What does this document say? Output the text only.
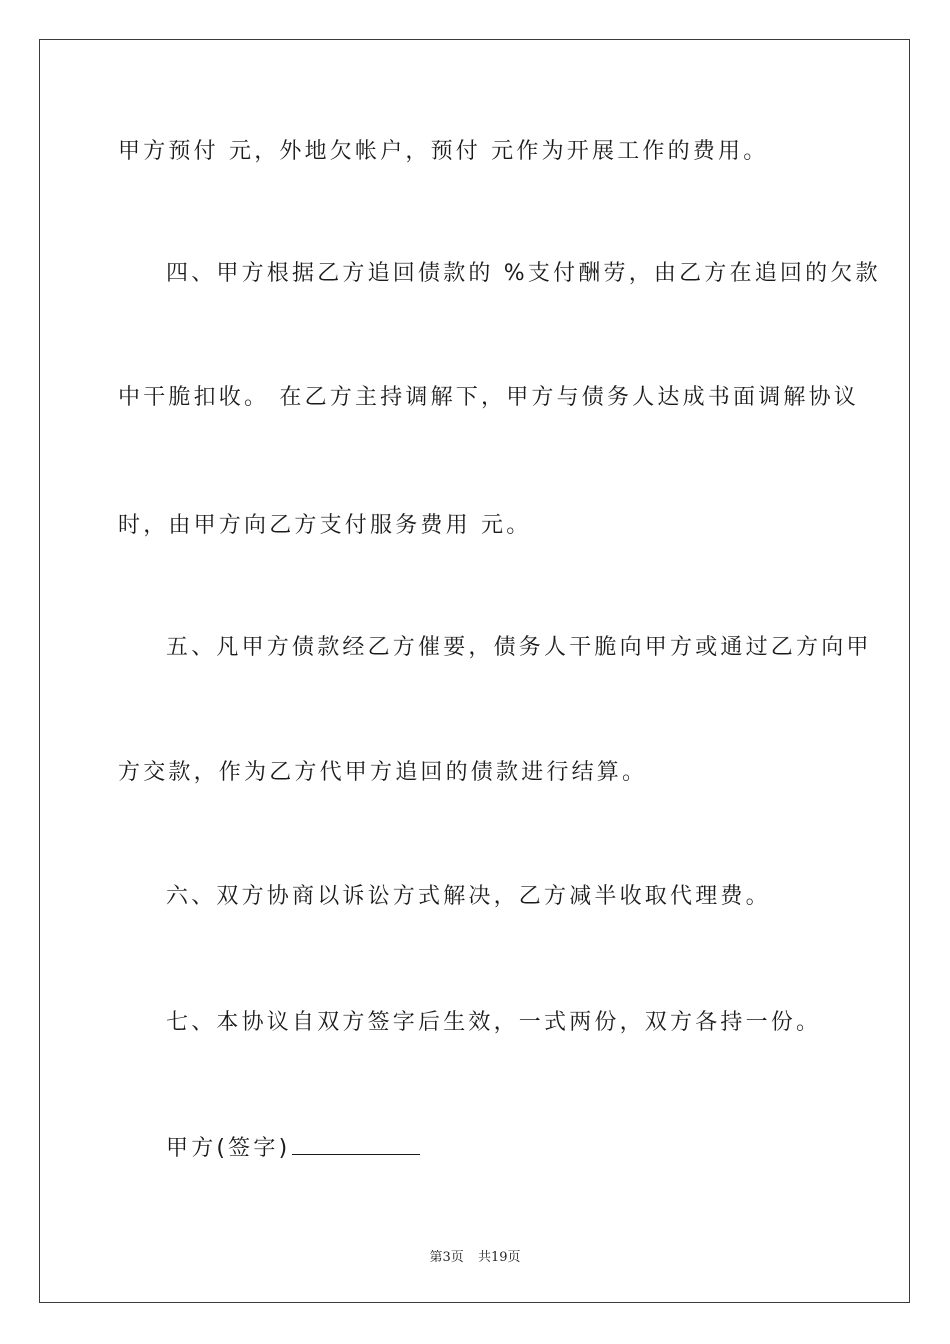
甲方预付 元，外地欠帐户，预付 元作为开展工作的费用。
四、甲方根据乙方追回债款的 %支付酬劳，由乙方在追回的欠款
中干脆扣收。 在乙方主持调解下，甲方与债务人达成书面调解协议
时，由甲方向乙方支付服务费用 元。
五、凡甲方债款经乙方催要，债务人干脆向甲方或通过乙方向甲
方交款，作为乙方代甲方追回的债款进行结算。
六、双方协商以诉讼方式解决，乙方减半收取代理费。
七、本协议自双方签字后生效，一式两份，双方各持一份。
甲方(签字)
第3页 共19页
